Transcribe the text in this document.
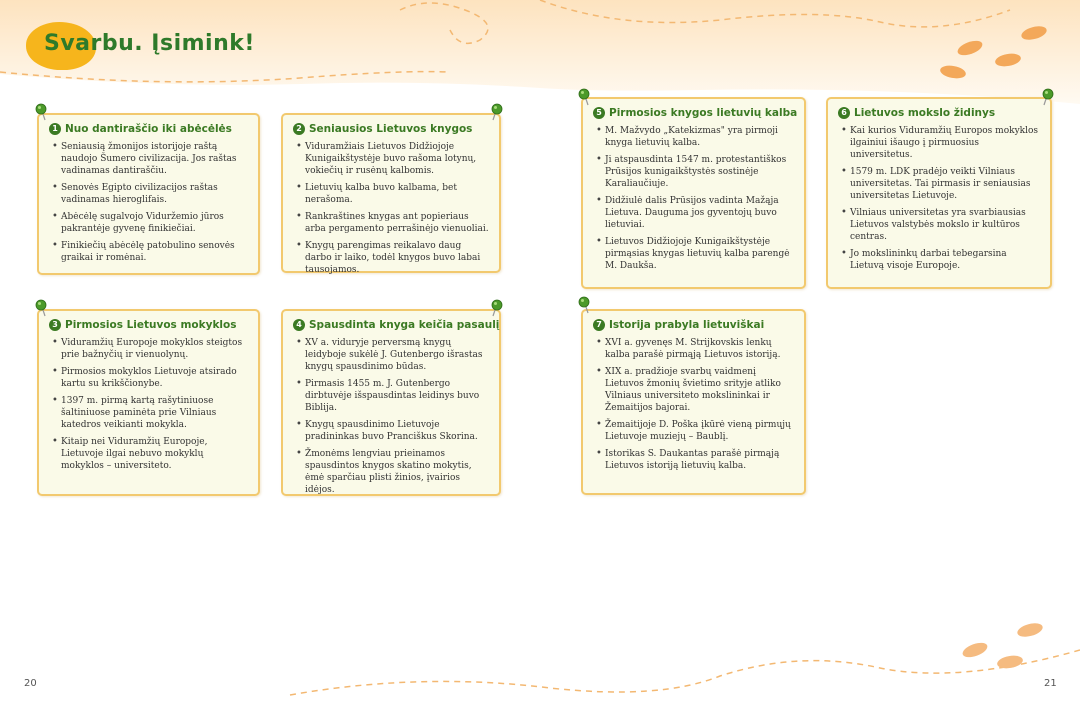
Svarbu. Įsimink!
1 Nuo dantiraščio iki abėcėlės
• Seniausią žmonijos istorijoje raštą naudojo Šumero civilizacija. Jos raštas vadinamas dantiraščiu.
• Senovės Egipto civilizacijos raštas vadinamas hieroglifais.
• Abėcėlę sugalvojo Viduržemio jūros pakrantėje gyvenę finikiečiai.
• Finikiečių abėcėlę patobulino senovės graikai ir romėnai.
2 Seniausios Lietuvos knygos
• Viduramžiais Lietuvos Didžiojoje Kunigaikštystėje buvo rašoma lotynų, vokiečių ir rusėnų kalbomis.
• Lietuvių kalba buvo kalbama, bet nerašoma.
• Rankraštines knygas ant popieriaus arba pergamento perrašinėjo vienuoliai.
• Knygų parengimas reikalavo daug darbo ir laiko, todėl knygos buvo labai tausojamos.
3 Pirmosios Lietuvos mokyklos
• Viduramžių Europoje mokyklos steigtos prie bažnyčių ir vienuolynų.
• Pirmosios mokyklos Lietuvoje atsirado kartu su krikščionybe.
• 1397 m. pirmą kartą rašytiniuose šaltiniuose paminėta prie Vilniaus katedros veikianti mokykla.
• Kitaip nei Viduramžių Europoje, Lietuvoje ilgai nebuvo mokyklų mokyklos – universiteto.
4 Spausdinta knyga keičia pasaulį
• XV a. viduryje perversmą knygų leidyboje sukėlė J. Gutenbergo išrastas knygų spausdinimo būdas.
• Pirmasis 1455 m. J. Gutenbergo dirbtuvėje išspausdintas leidinys buvo Biblija.
• Knygų spausdinimo Lietuvoje pradininkas buvo Pranciškus Skorina.
• Žmonėms lengviau prieinamos spausdintos knygos skatino mokytis, ėmė sparčiau plisti žinios, įvairios idėjos.
5 Pirmosios knygos lietuvių kalba
• M. Mažvydo „Katekizmas" yra pirmoji knyga lietuvių kalba.
• Ji atspausdinta 1547 m. protestantiškos Prūsijos kunigaikštystės sostinėje Karaliaučiuje.
• Didžiulė dalis Prūsijos vadinta Mažąja Lietuva. Dauguma jos gyventojų buvo lietuviai.
• Lietuvos Didžiojoje Kunigaikštystėje pirmąsias knygas lietuvių kalba parengė M. Daukša.
6 Lietuvos mokslo židinys
• Kai kurios Viduramžių Europos mokyklos ilgainiui išaugo į pirmuosius universitetus.
• 1579 m. LDK pradėjo veikti Vilniaus universitetas. Tai pirmasis ir seniausias universitetas Lietuvoje.
• Vilniaus universitetas yra svarbiausias Lietuvos valstybės mokslo ir kultūros centras.
• Jo mokslininkų darbai tebegarsina Lietuvą visoje Europoje.
7 Istorija prabyla lietuviškai
• XVI a. gyvenęs M. Strijkovskis lenkų kalba parašė pirmąją Lietuvos istoriją.
• XIX a. pradžioje svarbų vaidmenį Lietuvos žmonių švietimo srityje atliko Vilniaus universiteto mokslininkai ir Žemaitijos bajorai.
• Žemaitijoje D. Poška įkūrė vieną pirmųjų Lietuvoje muziejų – Baublį.
• Istorikas S. Daukantas parašė pirmąją Lietuvos istoriją lietuvių kalba.
20	21
